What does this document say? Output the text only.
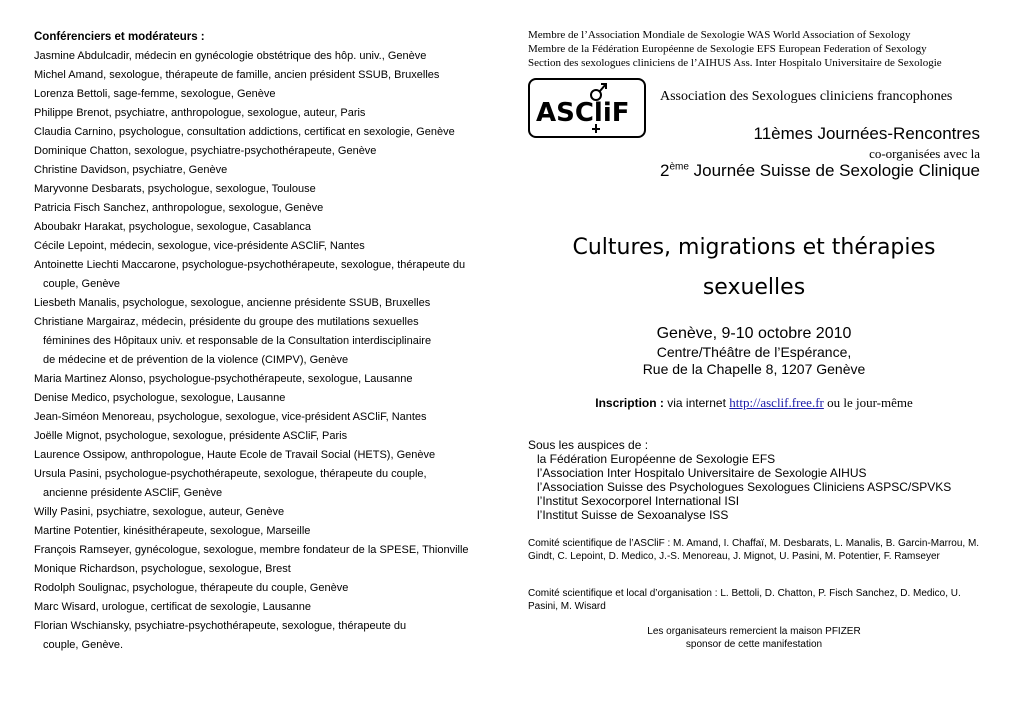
Conférenciers et modérateurs :
Jasmine Abdulcadir, médecin en gynécologie obstétrique des hôp. univ., Genève
Michel Amand, sexologue, thérapeute de famille, ancien président SSUB, Bruxelles
Lorenza Bettoli, sage-femme, sexologue, Genève
Philippe Brenot, psychiatre, anthropologue, sexologue, auteur, Paris
Claudia Carnino, psychologue, consultation addictions, certificat en sexologie, Genève
Dominique Chatton, sexologue, psychiatre-psychothérapeute, Genève
Christine Davidson, psychiatre, Genève
Maryvonne Desbarats, psychologue, sexologue, Toulouse
Patricia Fisch Sanchez, anthropologue, sexologue, Genève
Aboubakr Harakat, psychologue, sexologue, Casablanca
Cécile Lepoint, médecin, sexologue, vice-présidente ASCliF, Nantes
Antoinette Liechti Maccarone, psychologue-psychothérapeute, sexologue, thérapeute du
couple, Genève
Liesbeth Manalis, psychologue, sexologue, ancienne présidente SSUB, Bruxelles
Christiane Margairaz, médecin, présidente du groupe des mutilations sexuelles
féminines des Hôpitaux univ. et responsable de la Consultation interdisciplinaire
de médecine et de prévention de la violence (CIMPV), Genève
Maria Martinez Alonso, psychologue-psychothérapeute, sexologue, Lausanne
Denise Medico, psychologue, sexologue, Lausanne
Jean-Siméon Menoreau, psychologue, sexologue, vice-président ASCliF, Nantes
Joëlle Mignot, psychologue, sexologue, présidente ASCliF, Paris
Laurence Ossipow, anthropologue, Haute Ecole de Travail Social (HETS), Genève
Ursula Pasini, psychologue-psychothérapeute, sexologue, thérapeute du couple,
ancienne présidente ASCliF, Genève
Willy Pasini, psychiatre, sexologue, auteur, Genève
Martine Potentier, kinésithérapeute, sexologue, Marseille
François Ramseyer, gynécologue, sexologue, membre fondateur de la SPESE, Thionville
Monique Richardson, psychologue, sexologue, Brest
Rodolph Soulignac, psychologue, thérapeute du couple, Genève
Marc Wisard, urologue, certificat de sexologie, Lausanne
Florian Wschiansky, psychiatre-psychothérapeute, sexologue, thérapeute du
couple, Genève.
Membre de l’Association Mondiale de Sexologie WAS World Association of Sexology
Membre de la Fédération Européenne de Sexologie EFS European Federation of Sexology
Section des sexologues cliniciens de l’AIHUS Ass. Inter Hospitalo Universitaire de Sexologie
ASCliF
Association des Sexologues cliniciens francophones
11èmes Journées-Rencontres
co-organisées avec la
2ème Journée Suisse de Sexologie Clinique
Cultures, migrations et thérapies
sexuelles
Genève, 9-10 octobre 2010
Centre/Théâtre de l’Espérance,
Rue de la Chapelle 8, 1207 Genève
Inscription : via internet http://asclif.free.fr ou le jour-même
Sous les auspices de :
la Fédération Européenne de Sexologie EFS
l’Association Inter Hospitalo Universitaire de Sexologie AIHUS
l’Association Suisse des Psychologues Sexologues Cliniciens ASPSC/SPVKS
l’Institut Sexocorporel International ISI
l’Institut Suisse de Sexoanalyse ISS
Comité scientifique de l’ASCliF : M. Amand, I. Chaffaï, M. Desbarats, L. Manalis, B. Garcin-Marrou, M. Gindt, C. Lepoint, D. Medico, J.-S. Menoreau, J. Mignot, U. Pasini, M. Potentier, F. Ramseyer
Comité scientifique et local d’organisation : L. Bettoli, D. Chatton, P. Fisch Sanchez, D. Medico, U. Pasini, M. Wisard
Les organisateurs remercient la maison PFIZER
sponsor de cette manifestation
